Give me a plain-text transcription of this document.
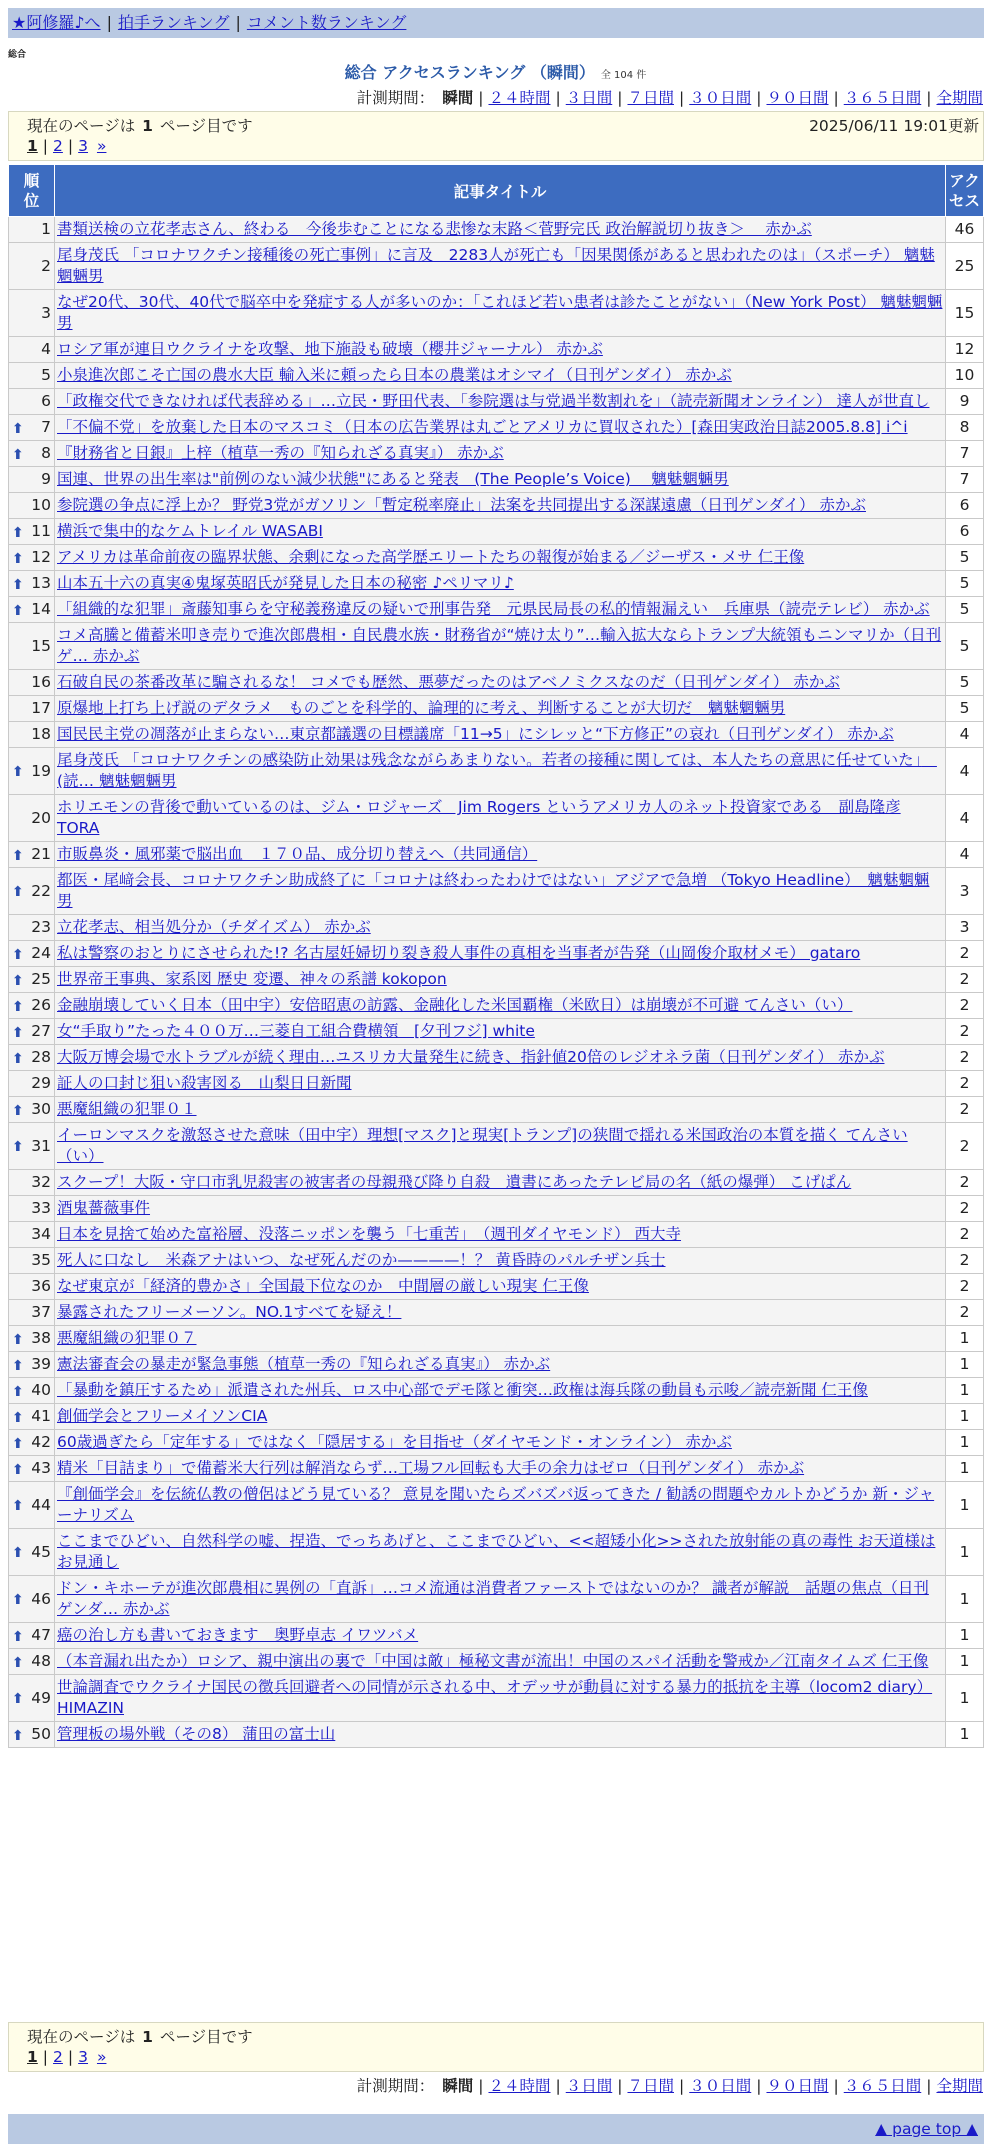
★阿修羅♪へ | 拍手ランキング | コメント数ランキング
総合
総合 アクセスランキング （瞬間） 全 104 件
計測期間： 瞬間 | ２４時間 | ３日間 | ７日間 | ３０日間 | ９０日間 | ３６５日間 | 全期間
現在のページは 1 ページ目です	2025/06/11 19:01更新
1 | 2 | 3 »
順位	記事タイトル	アクセス
1	書類送検の立花孝志さん、終わる　今後歩むことになる悲惨な末路＜菅野完氏 政治解説切り抜き＞　 赤かぶ	46
2	尾身茂氏 「コロナワクチン接種後の死亡事例」に言及　2283人が死亡も「因果関係があると思われたのは」（スポーチ） 魑魅魍魎男	25
3	なぜ20代、30代、40代で脳卒中を発症する人が多いのか：「これほど若い患者は診たことがない」（New York Post） 魑魅魍魎男	15
4	ロシア軍が連日ウクライナを攻撃、地下施設も破壊（櫻井ジャーナル） 赤かぶ	12
5	小泉進次郎こそ亡国の農水大臣 輸入米に頼ったら日本の農業はオシマイ（日刊ゲンダイ） 赤かぶ	10
6	「政権交代できなければ代表辞める」…立民・野田代表、「参院選は与党過半数割れを」（読売新聞オンライン） 達人が世直し	9

⬆ 7	「不偏不党」を放棄した日本のマスコミ（日本の広告業界は丸ごとアメリカに買収された）[森田実政治日誌2005.8.8] i^i	8

⬆ 8	『財務省と日銀』上梓（植草一秀の『知られざる真実』） 赤かぶ	7
9	国連、世界の出生率は"前例のない減少状態"にあると発表　(The People’s Voice)　 魑魅魍魎男	7
10	参院選の争点に浮上か？ 野党3党がガソリン「暫定税率廃止」法案を共同提出する深謀遠慮（日刊ゲンダイ） 赤かぶ	6

⬆ 11	横浜で集中的なケムトレイル WASABI	6

⬆ 12	アメリカは革命前夜の臨界状態、余剰になった高学歴エリートたちの報復が始まる／ジーザス・メサ 仁王像	5

⬆ 13	山本五十六の真実④鬼塚英昭氏が発見した日本の秘密 ♪ペリマリ♪	5

⬆ 14	「組織的な犯罪」斎藤知事らを守秘義務違反の疑いで刑事告発　元県民局長の私的情報漏えい　兵庫県（読売テレビ） 赤かぶ	5
15	コメ高騰と備蓄米叩き売りで進次郎農相・自民農水族・財務省が“焼け太り”…輸入拡大ならトランプ大統領もニンマリか（日刊ゲ… 赤かぶ	5
16	石破自民の茶番改革に騙されるな！ コメでも歴然、悪夢だったのはアベノミクスなのだ（日刊ゲンダイ） 赤かぶ	5
17	原爆地上打ち上げ説のデタラメ　ものごとを科学的、論理的に考え、判断することが大切だ　魑魅魍魎男	5
18	国民民主党の凋落が止まらない…東京都議選の目標議席「11→5」にシレッと“下方修正”の哀れ（日刊ゲンダイ） 赤かぶ	4

⬆ 19	尾身茂氏 「コロナワクチンの感染防止効果は残念ながらあまりない。若者の接種に関しては、本人たちの意思に任せていた」　(読… 魑魅魍魎男	4
20	ホリエモンの背後で動いているのは、ジム・ロジャーズ　Jim Rogers というアメリカ人のネット投資家である　副島隆彦 TORA	4

⬆ 21	市販鼻炎・風邪薬で脳出血　１７０品、成分切り替えへ（共同通信）	4

⬆ 22	都医・尾﨑会長、コロナワクチン助成終了に「コロナは終わったわけではない」アジアで急増 （Tokyo Headline）　魑魅魍魎男	3
23	立花孝志、相当処分か（チダイズム） 赤かぶ	3

⬆ 24	私は警察のおとりにさせられた!? 名古屋妊婦切り裂き殺人事件の真相を当事者が告発（山岡俊介取材メモ） gataro	2

⬆ 25	世界帝王事典、家系図 歴史 変遷、神々の系譜 kokopon	2

⬆ 26	金融崩壊していく日本（田中宇）安倍昭恵の訪露、金融化した米国覇権（米欧日）は崩壊が不可避 てんさい（い）	2

⬆ 27	女“手取り”たった４００万…三菱自工組合費横領　[夕刊フジ] white	2

⬆ 28	大阪万博会場で水トラブルが続く理由…ユスリカ大量発生に続き、指針値20倍のレジオネラ菌（日刊ゲンダイ） 赤かぶ	2
29	証人の口封じ狙い殺害図る　山梨日日新聞	2

⬆ 30	悪魔組織の犯罪０１	2

⬆ 31	イーロンマスクを激怒させた意味（田中宇）理想[マスク]と現実[トランプ]の狭間で揺れる米国政治の本質を描く てんさい（い）	2
32	スクープ！大阪・守口市乳児殺害の被害者の母親飛び降り自殺　遺書にあったテレビ局の名（紙の爆弾） こげぱん	2
33	酒鬼薔薇事件	2
34	日本を見捨て始めた富裕層、没落ニッポンを襲う「七重苦」　（週刊ダイヤモンド） 西大寺	2
35	死人に口なし　米森アナはいつ、なぜ死んだのか————！？ 黄昏時のパルチザン兵士	2
36	なぜ東京が「経済的豊かさ」全国最下位なのか　中間層の厳しい現実 仁王像	2
37	暴露されたフリーメーソン。NO.1すべてを疑え！	2

⬆ 38	悪魔組織の犯罪０７	1

⬆ 39	憲法審査会の暴走が緊急事態（植草一秀の『知られざる真実』） 赤かぶ	1

⬆ 40	「暴動を鎮圧するため」派遣された州兵、ロス中心部でデモ隊と衝突…政権は海兵隊の動員も示唆／読売新聞 仁王像	1

⬆ 41	創価学会とフリーメイソンCIA	1

⬆ 42	60歳過ぎたら「定年する」ではなく「隠居する」を目指せ（ダイヤモンド・オンライン） 赤かぶ	1

⬆ 43	精米「目詰まり」で備蓄米大行列は解消ならず…工場フル回転も大手の余力はゼロ（日刊ゲンダイ） 赤かぶ	1

⬆ 44	『創価学会』を伝統仏教の僧侶はどう見ている？ 意見を聞いたらズバズバ返ってきた / 勧誘の問題やカルトかどうか 新・ジャーナリズム	1

⬆ 45	ここまでひどい、自然科学の嘘、捏造、でっちあげと、ここまでひどい、<<超矮小化>>された放射能の真の毒性 お天道様はお見通し	1

⬆ 46	ドン・キホーテが進次郎農相に異例の「直訴」…コメ流通は消費者ファーストではないのか？ 識者が解説　話題の焦点（日刊ゲンダ… 赤かぶ	1

⬆ 47	癌の治し方も書いておきます　奥野卓志 イワツバメ	1

⬆ 48	（本音漏れ出たか）ロシア、親中演出の裏で「中国は敵」極秘文書が流出！中国のスパイ活動を警戒か／江南タイムズ 仁王像	1

⬆ 49	世論調査でウクライナ国民の徴兵回避者への同情が示される中、オデッサが動員に対する暴力的抵抗を主導（locom2 diary） HIMAZIN	1

⬆ 50	管理板の場外戦（その8） 蒲田の富士山	1
現在のページは 1 ページ目です
1 | 2 | 3 »
計測期間： 瞬間 | ２４時間 | ３日間 | ７日間 | ３０日間 | ９０日間 | ３６５日間 | 全期間
▲ page top ▲
